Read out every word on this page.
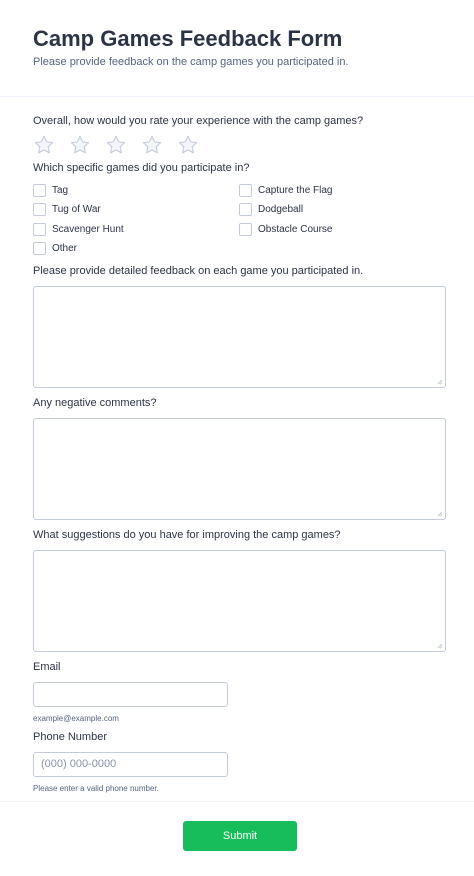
Camp Games Feedback Form
Please provide feedback on the camp games you participated in.
Overall, how would you rate your experience with the camp games?
Which specific games did you participate in?
Tag
Tug of War
Scavenger Hunt
Other
Capture the Flag
Dodgeball
Obstacle Course
Please provide detailed feedback on each game you participated in.
Any negative comments?
What suggestions do you have for improving the camp games?
Email
example@example.com
Phone Number
(000) 000-0000
Please enter a valid phone number.
Submit
